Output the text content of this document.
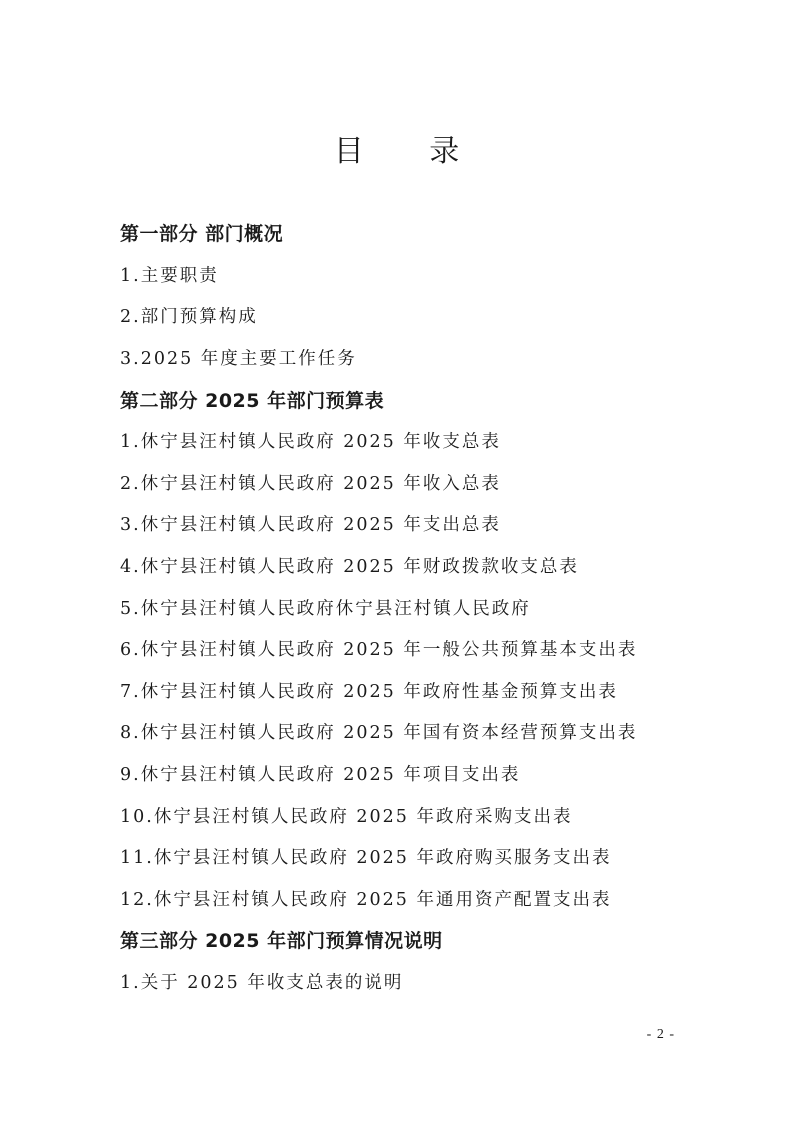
目 录
第一部分 部门概况
1.主要职责
2.部门预算构成
3.2025 年度主要工作任务
第二部分 2025 年部门预算表
1.休宁县汪村镇人民政府 2025 年收支总表
2.休宁县汪村镇人民政府 2025 年收入总表
3.休宁县汪村镇人民政府 2025 年支出总表
4.休宁县汪村镇人民政府 2025 年财政拨款收支总表
5.休宁县汪村镇人民政府休宁县汪村镇人民政府
6.休宁县汪村镇人民政府 2025 年一般公共预算基本支出表
7.休宁县汪村镇人民政府 2025 年政府性基金预算支出表
8.休宁县汪村镇人民政府 2025 年国有资本经营预算支出表
9.休宁县汪村镇人民政府 2025 年项目支出表
10.休宁县汪村镇人民政府 2025 年政府采购支出表
11.休宁县汪村镇人民政府 2025 年政府购买服务支出表
12.休宁县汪村镇人民政府 2025 年通用资产配置支出表
第三部分 2025 年部门预算情况说明
1.关于 2025 年收支总表的说明
- 2 -
